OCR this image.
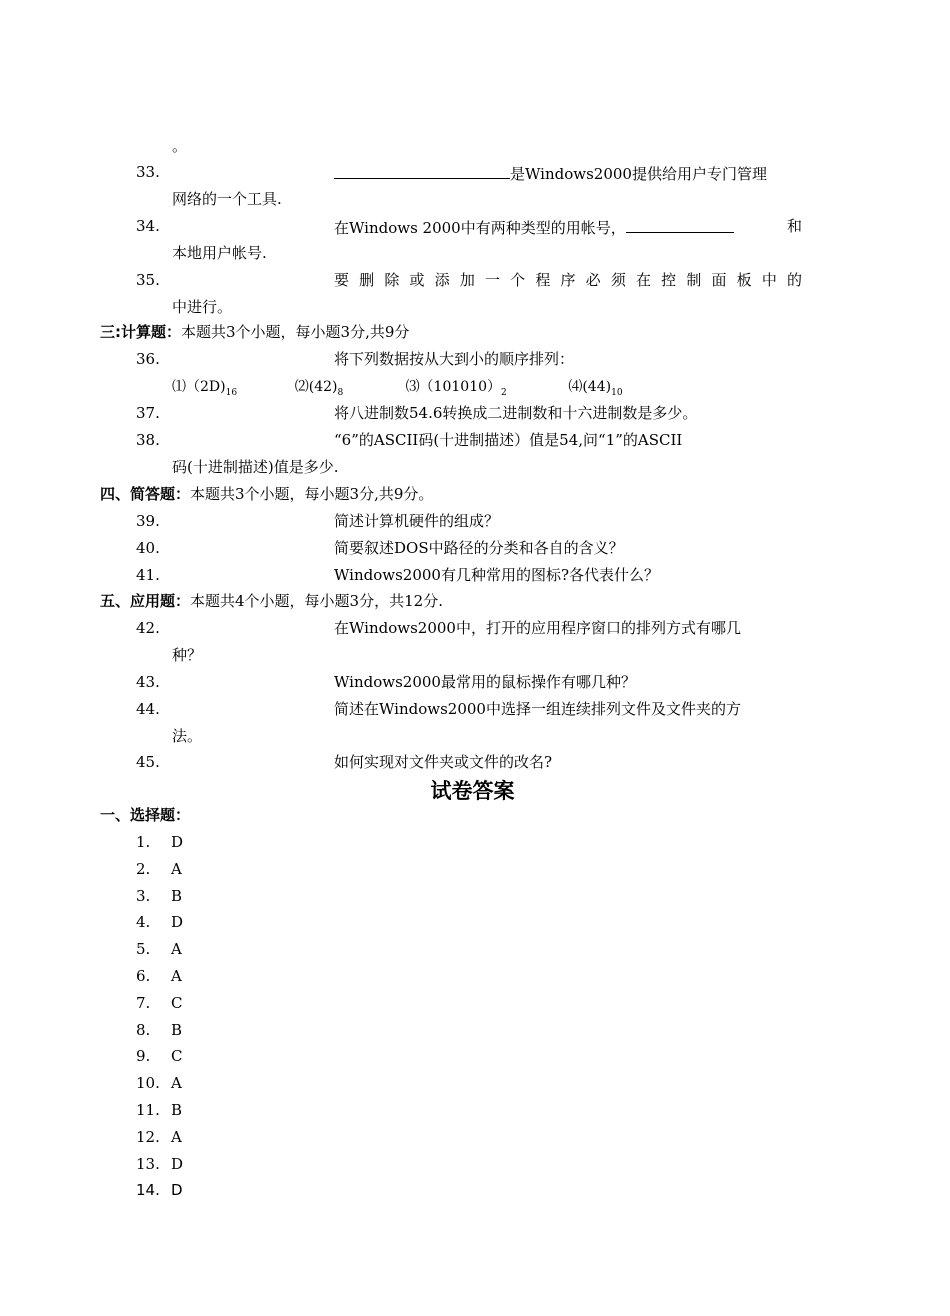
。
33.	是Windows2000提供给用户专门管理
网络的一个工具.
34.	在Windows 2000中有两种类型的用帐号，	和
本地用户帐号.
35.	要删除或添加一个程序必须在控制面板中的
中进行。
三:计算题：本题共3个小题，每小题3分,共9分
36.	将下列数据按从大到小的顺序排列：
$⑴(2D)_{16}$	$⑵(42)_8$	$⑶(101010)_2$	$⑷(44)_{10}$
37.	将八进制数54.6转换成二进制数和十六进制数是多少。
38.	“6”的ASCII码(十进制描述）值是54,问“1”的ASCII
码(十进制描述)值是多少.
四、简答题：本题共3个小题，每小题3分,共9分。
39.	简述计算机硬件的组成？
40.	简要叙述DOS中路径的分类和各自的含义？
41.	Windows2000有几种常用的图标?各代表什么？
五、应用题：本题共4个小题，每小题3分，共12分.
42.	在Windows2000中，打开的应用程序窗口的排列方式有哪几
种？
43.	Windows2000最常用的鼠标操作有哪几种？
44.	简述在Windows2000中选择一组连续排列文件及文件夹的方
法。
45.	如何实现对文件夹或文件的改名?
试卷答案
一、选择题：
1.	D
2.	A
3.	B
4.	D
5.	A
6.	A
7.	C
8.	B
9.	C
10. A
11. B
12. A
13. D
14. D
